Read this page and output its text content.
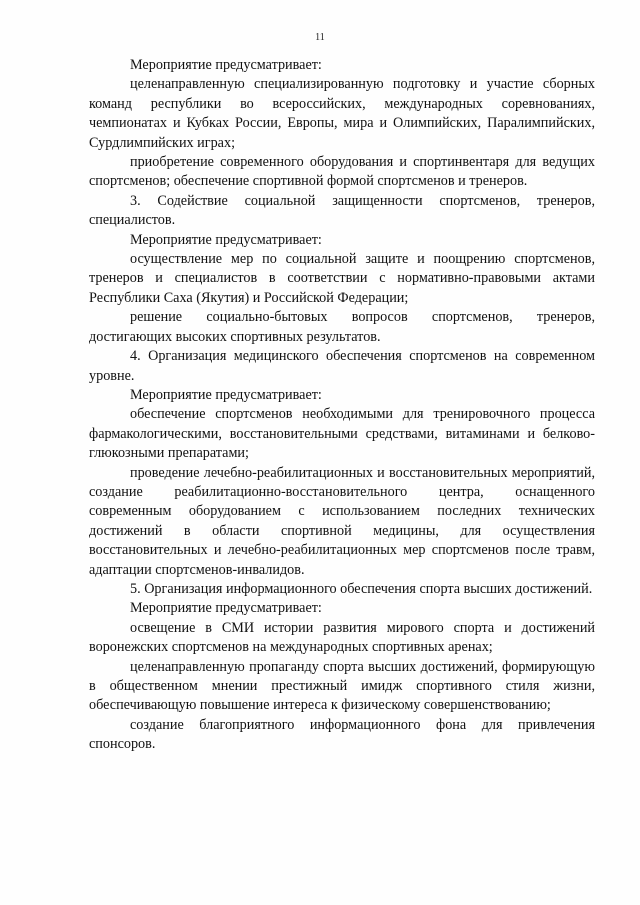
11

Мероприятие предусматривает:

целенаправленную специализированную подготовку и участие сборных команд республики во всероссийских, международных соревнованиях, чемпионатах и Кубках России, Европы, мира и Олимпийских, Паралимпийских, Сурдлимпийских играх;

приобретение современного оборудования и спортинвентаря для ведущих спортсменов; обеспечение спортивной формой спортсменов и тренеров.

3. Содействие социальной защищенности спортсменов, тренеров, специалистов.

Мероприятие предусматривает:

осуществление мер по социальной защите и поощрению спортсменов, тренеров и специалистов в соответствии с нормативно-правовыми актами Республики Саха (Якутия) и Российской Федерации;

решение социально-бытовых вопросов спортсменов, тренеров, достигающих высоких спортивных результатов.

4. Организация медицинского обеспечения спортсменов на современном уровне.

Мероприятие предусматривает:

обеспечение спортсменов необходимыми для тренировочного процесса фармакологическими, восстановительными средствами, витаминами и белково-глюкозными препаратами;

проведение лечебно-реабилитационных и восстановительных мероприятий, создание реабилитационно-восстановительного центра, оснащенного современным оборудованием с использованием последних технических достижений в области спортивной медицины, для осуществления восстановительных и лечебно-реабилитационных мер спортсменов после травм, адаптации спортсменов-инвалидов.

5. Организация информационного обеспечения спорта высших достижений.

Мероприятие предусматривает:

освещение в СМИ истории развития мирового спорта и достижений воронежских спортсменов на международных спортивных аренах;

целенаправленную пропаганду спорта высших достижений, формирующую в общественном мнении престижный имидж спортивного стиля жизни, обеспечивающую повышение интереса к физическому совершенствованию;

создание благоприятного информационного фона для привлечения спонсоров.
